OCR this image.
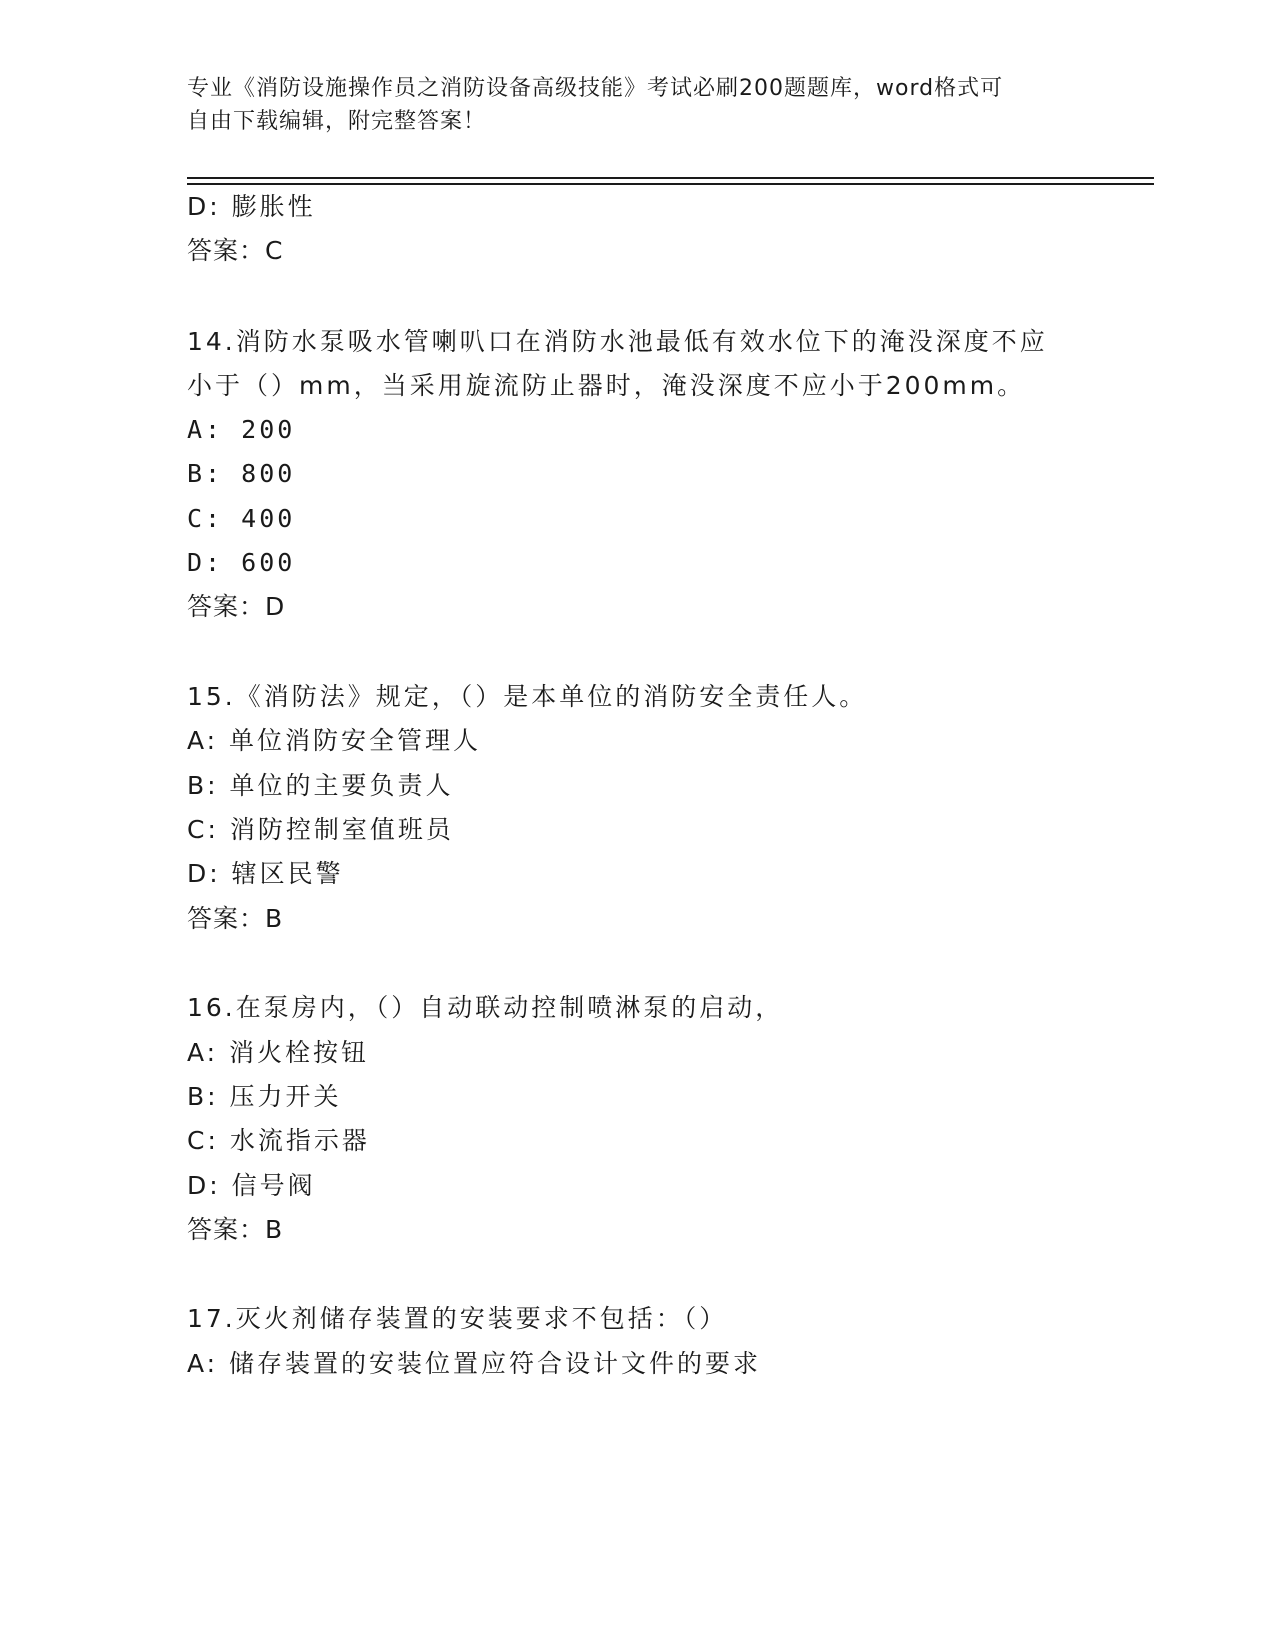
专业《消防设施操作员之消防设备高级技能》考试必刷200题题库，word格式可
自由下载编辑，附完整答案！
D: 膨胀性
答案：C
14.消防水泵吸水管喇叭口在消防水池最低有效水位下的淹没深度不应
小于（）mm，当采用旋流防止器时，淹没深度不应小于200mm。
A: 200
B: 800
C: 400
D: 600
答案：D
15.《消防法》规定，（）是本单位的消防安全责任人。
A: 单位消防安全管理人
B: 单位的主要负责人
C: 消防控制室值班员
D: 辖区民警
答案：B
16.在泵房内，（）自动联动控制喷淋泵的启动，
A: 消火栓按钮
B: 压力开关
C: 水流指示器
D: 信号阀
答案：B
17.灭火剂储存装置的安装要求不包括：（）
A: 储存装置的安装位置应符合设计文件的要求
